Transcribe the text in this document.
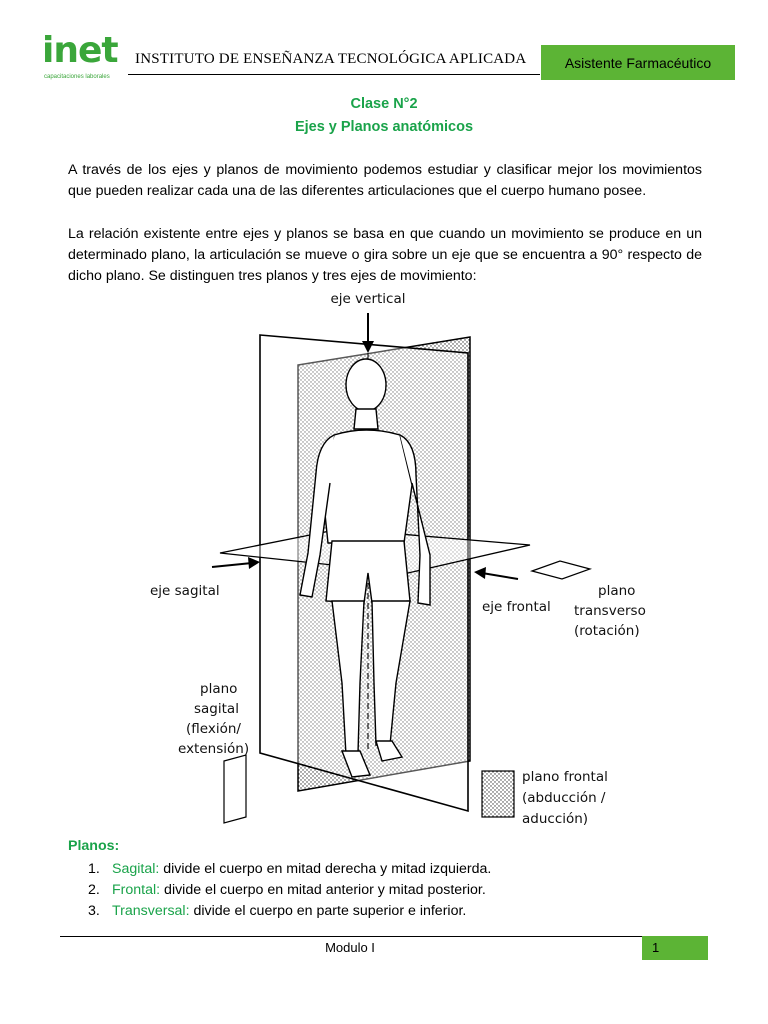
inet
capacitaciones laborales
INSTITUTO DE ENSEÑANZA TECNOLÓGICA APLICADA	Asistente Farmacéutico
Clase N°2
Ejes y Planos anatómicos
A través de los ejes y planos de movimiento podemos estudiar y clasificar mejor los movimientos que pueden realizar cada una de las diferentes articulaciones que el cuerpo humano posee.
La relación existente entre ejes y planos se basa en que cuando un movimiento se produce en un determinado plano, la articulación se mueve o gira sobre un eje que se encuentra a 90° respecto de dicho plano. Se distinguen tres planos y tres ejes de movimiento:
eje vertical
eje sagital
eje frontal
plano
transverso
(rotación)
plano
sagital
(flexión/
extensión)
plano frontal
(abducción /
aducción)
Planos:
1. Sagital: divide el cuerpo en mitad derecha y mitad izquierda.
2. Frontal: divide el cuerpo en mitad anterior y mitad posterior.
3. Transversal: divide el cuerpo en parte superior e inferior.
Modulo I	1
